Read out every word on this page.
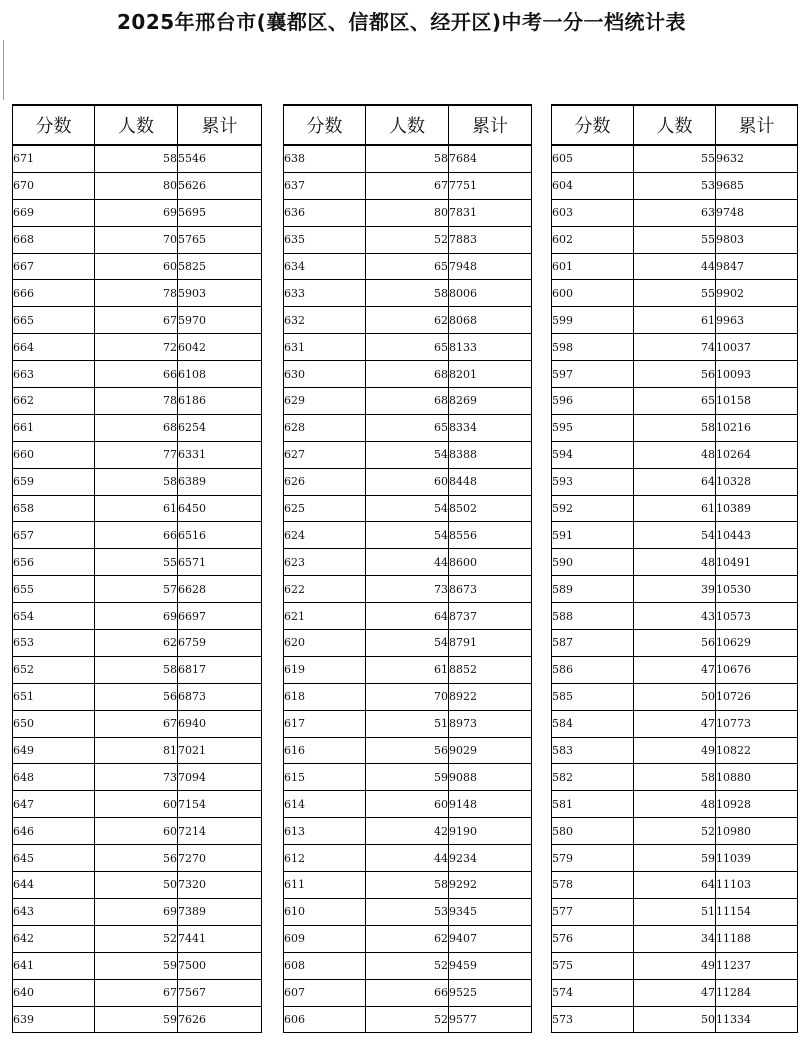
2025年邢台市(襄都区、信都区、经开区)中考一分一档统计表
分数	人数	累计
671	58	5546
670	80	5626
669	69	5695
668	70	5765
667	60	5825
666	78	5903
665	67	5970
664	72	6042
663	66	6108
662	78	6186
661	68	6254
660	77	6331
659	58	6389
658	61	6450
657	66	6516
656	55	6571
655	57	6628
654	69	6697
653	62	6759
652	58	6817
651	56	6873
650	67	6940
649	81	7021
648	73	7094
647	60	7154
646	60	7214
645	56	7270
644	50	7320
643	69	7389
642	52	7441
641	59	7500
640	67	7567
639	59	7626
分数	人数	累计
638	58	7684
637	67	7751
636	80	7831
635	52	7883
634	65	7948
633	58	8006
632	62	8068
631	65	8133
630	68	8201
629	68	8269
628	65	8334
627	54	8388
626	60	8448
625	54	8502
624	54	8556
623	44	8600
622	73	8673
621	64	8737
620	54	8791
619	61	8852
618	70	8922
617	51	8973
616	56	9029
615	59	9088
614	60	9148
613	42	9190
612	44	9234
611	58	9292
610	53	9345
609	62	9407
608	52	9459
607	66	9525
606	52	9577
分数	人数	累计
605	55	9632
604	53	9685
603	63	9748
602	55	9803
601	44	9847
600	55	9902
599	61	9963
598	74	10037
597	56	10093
596	65	10158
595	58	10216
594	48	10264
593	64	10328
592	61	10389
591	54	10443
590	48	10491
589	39	10530
588	43	10573
587	56	10629
586	47	10676
585	50	10726
584	47	10773
583	49	10822
582	58	10880
581	48	10928
580	52	10980
579	59	11039
578	64	11103
577	51	11154
576	34	11188
575	49	11237
574	47	11284
573	50	11334
